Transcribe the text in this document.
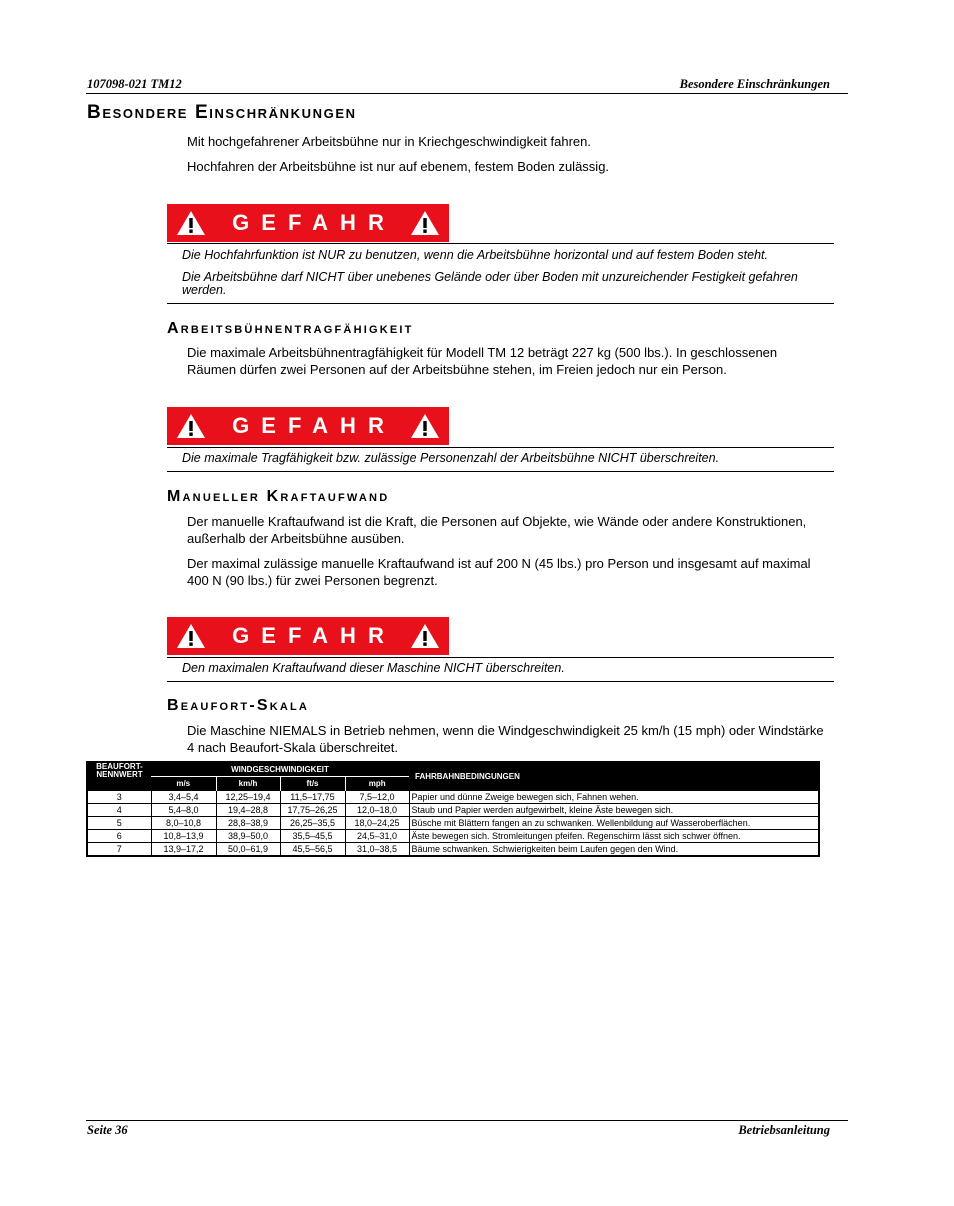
107098-021 TM12	Besondere Einschränkungen
Besondere Einschränkungen

Mit hochgefahrener Arbeitsbühne nur in Kriechgeschwindigkeit fahren.

Hochfahren der Arbeitsbühne ist nur auf ebenem, festem Boden zulässig.

GEFAHR

Die Hochfahrfunktion ist NUR zu benutzen, wenn die Arbeitsbühne horizontal und auf festem Boden steht.

Die Arbeitsbühne darf NICHT über unebenes Gelände oder über Boden mit unzureichender Festigkeit gefahren werden.

Arbeitsbühnentragfähigkeit

Die maximale Arbeitsbühnentragfähigkeit für Modell TM 12 beträgt 227 kg (500 lbs.). In geschlossenen Räumen dürfen zwei Personen auf der Arbeitsbühne stehen, im Freien jedoch nur ein Person.

GEFAHR

Die maximale Tragfähigkeit bzw. zulässige Personenzahl der Arbeitsbühne NICHT überschreiten.

Manueller Kraftaufwand

Der manuelle Kraftaufwand ist die Kraft, die Personen auf Objekte, wie Wände oder andere Konstruktionen, außerhalb der Arbeitsbühne ausüben.

Der maximal zulässige manuelle Kraftaufwand ist auf 200 N (45 lbs.) pro Person und insgesamt auf maximal 400 N (90 lbs.) für zwei Personen begrenzt.

GEFAHR

Den maximalen Kraftaufwand dieser Maschine NICHT überschreiten.

Beaufort-Skala

Die Maschine NIEMALS in Betrieb nehmen, wenn die Windgeschwindigkeit 25 km/h (15 mph) oder Windstärke 4 nach Beaufort-Skala überschreitet.

BEAUFORT-
NENNWERT	WINDGESCHWINDIGKEIT				FAHRBAHNBEDINGUNGEN
	m/s	km/h	ft/s	mph	
3	3,4–5,4	12,25–19,4	11,5–17,75	7,5–12,0	Papier und dünne Zweige bewegen sich, Fahnen wehen.
4	5,4–8,0	19,4–28,8	17,75–26,25	12,0–18,0	Staub und Papier werden aufgewirbelt, kleine Äste bewegen sich.
5	8,0–10,8	28,8–38,9	26,25–35,5	18,0–24,25	Büsche mit Blättern fangen an zu schwanken. Wellenbildung auf Wasseroberflächen.
6	10,8–13,9	38,9–50,0	35,5–45,5	24,5–31,0	Äste bewegen sich. Stromleitungen pfeifen. Regenschirm lässt sich schwer öffnen.
7	13,9–17,2	50,0–61,9	45,5–56,5	31,0–38,5	Bäume schwanken. Schwierigkeiten beim Laufen gegen den Wind.
Seite 36	Betriebsanleitung
